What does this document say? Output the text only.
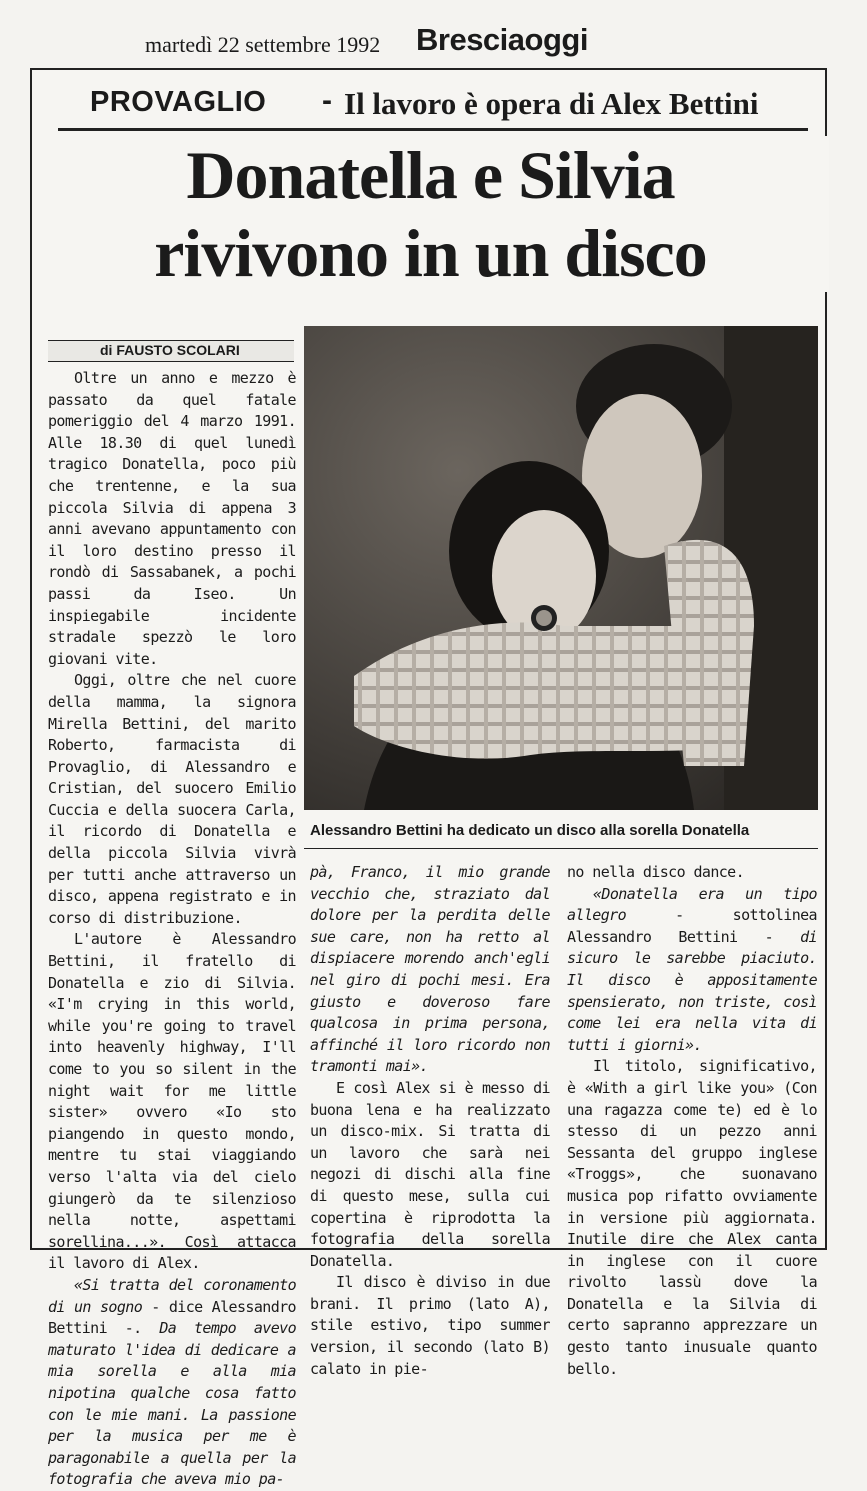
martedì 22 settembre 1992 Bresciaoggi
PROVAGLIO - Il lavoro è opera di Alex Bettini
Donatella e Silvia
rivivono in un disco
di FAUSTO SCOLARI

Oltre un anno e mezzo è passato da quel fatale pomeriggio del 4 marzo 1991. Alle 18.30 di quel lunedì tragico Donatella, poco più che trentenne, e la sua piccola Silvia di appena 3 anni avevano appuntamento con il loro destino presso il rondò di Sassabanek, a pochi passi da Iseo. Un inspiegabile incidente stradale spezzò le loro giovani vite.

Oggi, oltre che nel cuore della mamma, la signora Mirella Bettini, del marito Roberto, farmacista di Provaglio, di Alessandro e Cristian, del suocero Emilio Cuccia e della suocera Carla, il ricordo di Donatella e della piccola Silvia vivrà per tutti anche attraverso un disco, appena registrato e in corso di distribuzione.

L'autore è Alessandro Bettini, il fratello di Donatella e zio di Silvia. «I'm crying in this world, while you're going to travel into heavenly highway, I'll come to you so silent in the night wait for me little sister» ovvero «Io sto piangendo in questo mondo, mentre tu stai viaggiando verso l'alta via del cielo giungerò da te silenzioso nella notte, aspettami sorellina...». Così attacca il lavoro di Alex.

«Si tratta del coronamento di un sogno - dice Alessandro Bettini -. Da tempo avevo maturato l'idea di dedicare a mia sorella e alla mia nipotina qualche cosa fatto con le mie mani. La passione per la musica per me è paragonabile a quella per la fotografia che aveva mio pa-

Alessandro Bettini ha dedicato un disco alla sorella Donatella

pà, Franco, il mio grande vecchio che, straziato dal dolore per la perdita delle sue care, non ha retto al dispiacere morendo anch'egli nel giro di pochi mesi. Era giusto e doveroso fare qualcosa in prima persona, affinché il loro ricordo non tramonti mai».

E così Alex si è messo di buona lena e ha realizzato un disco-mix. Si tratta di un lavoro che sarà nei negozi di dischi alla fine di questo mese, sulla cui copertina è riprodotta la fotografia della sorella Donatella.

Il disco è diviso in due brani. Il primo (lato A), stile estivo, tipo summer version, il secondo (lato B) calato in pie-

no nella disco dance.

«Donatella era un tipo allegro - sottolinea Alessandro Bettini - di sicuro le sarebbe piaciuto. Il disco è appositamente spensierato, non triste, così come lei era nella vita di tutti i giorni».

Il titolo, significativo, è «With a girl like you» (Con una ragazza come te) ed è lo stesso di un pezzo anni Sessanta del gruppo inglese «Troggs», che suonavano musica pop rifatto ovviamente in versione più aggiornata. Inutile dire che Alex canta in inglese con il cuore rivolto lassù dove la Donatella e la Silvia di certo sapranno apprezzare un gesto tanto inusuale quanto bello.
